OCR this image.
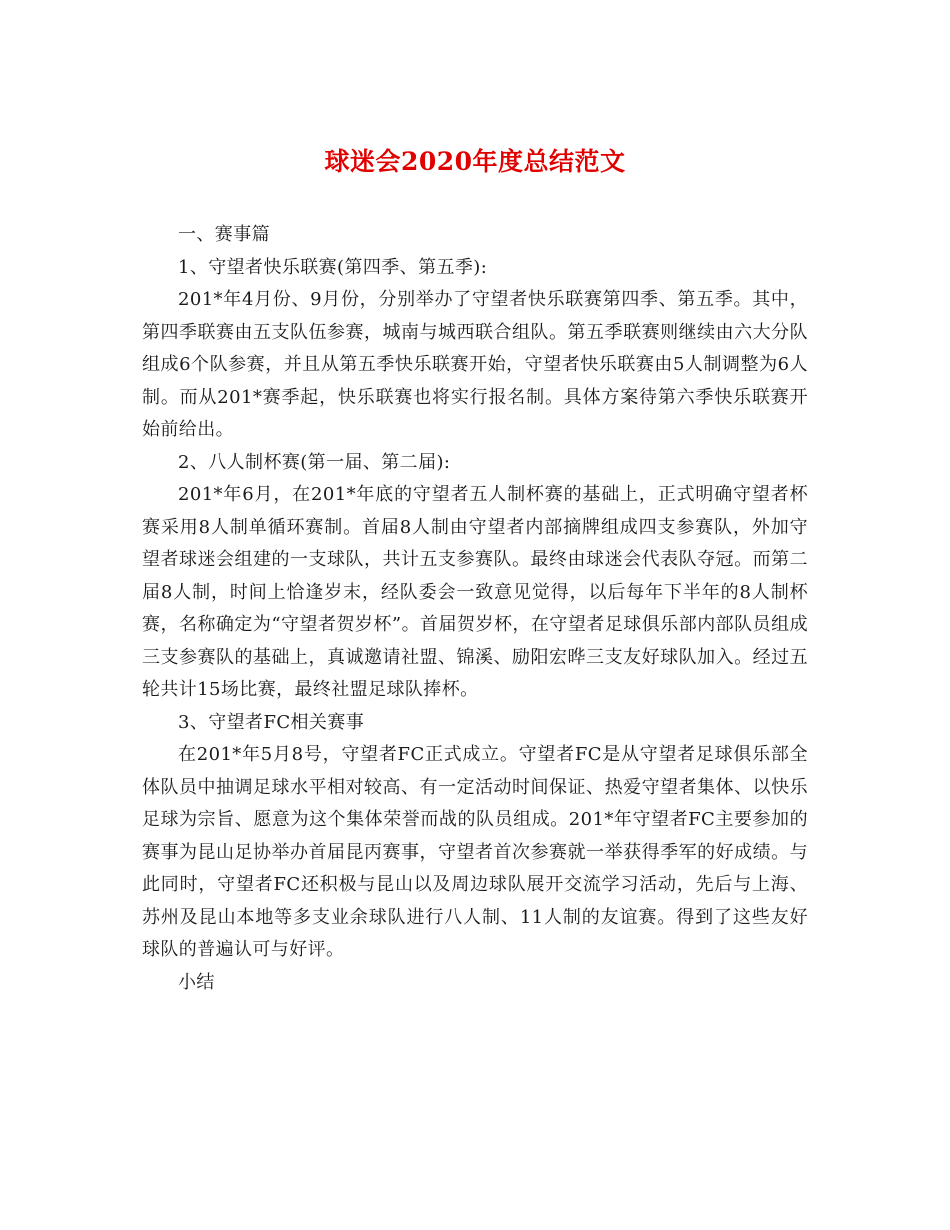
球迷会2020年度总结范文

一、赛事篇

1、守望者快乐联赛(第四季、第五季):

201*年4月份、9月份，分别举办了守望者快乐联赛第四季、第五季。其中，第四季联赛由五支队伍参赛，城南与城西联合组队。第五季联赛则继续由六大分队组成6个队参赛，并且从第五季快乐联赛开始，守望者快乐联赛由5人制调整为6人制。而从201*赛季起，快乐联赛也将实行报名制。具体方案待第六季快乐联赛开始前给出。

2、八人制杯赛(第一届、第二届):

201*年6月，在201*年底的守望者五人制杯赛的基础上，正式明确守望者杯赛采用8人制单循环赛制。首届8人制由守望者内部摘牌组成四支参赛队，外加守望者球迷会组建的一支球队，共计五支参赛队。最终由球迷会代表队夺冠。而第二届8人制，时间上恰逢岁末，经队委会一致意见觉得，以后每年下半年的8人制杯赛，名称确定为“守望者贺岁杯”。首届贺岁杯，在守望者足球俱乐部内部队员组成三支参赛队的基础上，真诚邀请社盟、锦溪、励阳宏晔三支友好球队加入。经过五轮共计15场比赛，最终社盟足球队捧杯。

3、守望者FC相关赛事

在201*年5月8号，守望者FC正式成立。守望者FC是从守望者足球俱乐部全体队员中抽调足球水平相对较高、有一定活动时间保证、热爱守望者集体、以快乐足球为宗旨、愿意为这个集体荣誉而战的队员组成。201*年守望者FC主要参加的赛事为昆山足协举办首届昆丙赛事，守望者首次参赛就一举获得季军的好成绩。与此同时，守望者FC还积极与昆山以及周边球队展开交流学习活动，先后与上海、苏州及昆山本地等多支业余球队进行八人制、11人制的友谊赛。得到了这些友好球队的普遍认可与好评。

小结
